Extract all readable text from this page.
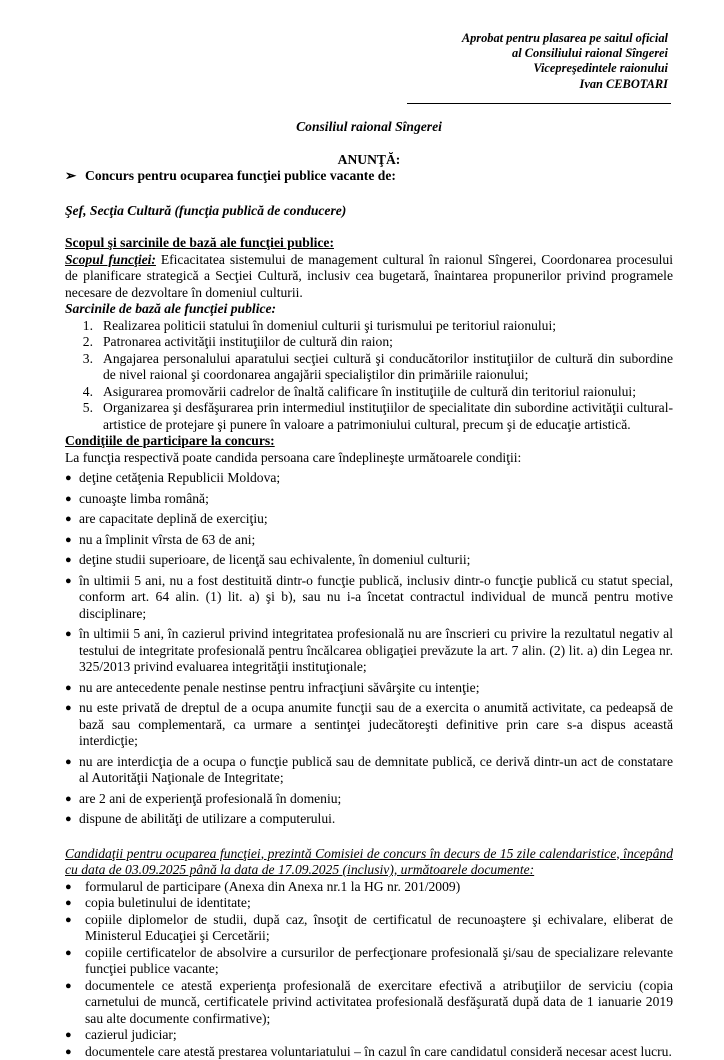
Aprobat pentru plasarea pe saitul oficial
al Consiliului raional Sîngerei
Vicepreşedintele raionului
Ivan CEBOTARI

Consiliul raional Sîngerei

ANUNŢĂ:

➢ Concurs pentru ocuparea funcţiei publice vacante de:

Şef, Secţia Cultură (funcţia publică de conducere)

Scopul şi sarcinile de bază ale funcţiei publice:

Scopul funcţiei: Eficacitatea sistemului de management cultural în raionul Sîngerei, Coordonarea procesului de planificare strategică a Secţiei Cultură, inclusiv cea bugetară, înaintarea propunerilor privind programele necesare de dezvoltare în domeniul culturii.

Sarcinile de bază ale funcţiei publice:

1. Realizarea politicii statului în domeniul culturii şi turismului pe teritoriul raionului;
2. Patronarea activităţii instituţiilor de cultură din raion;
3. Angajarea personalului aparatului secţiei cultură şi conducătorilor instituţiilor de cultură din subordine de nivel raional şi coordonarea angajării specialiştilor din primăriile raionului;
4. Asigurarea promovării cadrelor de înaltă calificare în instituţiile de cultură din teritoriul raionului;
5. Organizarea şi desfăşurarea prin intermediul instituţiilor de specialitate din subordine activităţii cultural-artistice de protejare şi punere în valoare a patrimoniului cultural, precum şi de educaţie artistică.

Condiţiile de participare la concurs:

La funcţia respectivă poate candida persoana care îndeplineşte următoarele condiţii:

● deţine cetăţenia Republicii Moldova;
● cunoaşte limba română;
● are capacitate deplină de exerciţiu;
● nu a împlinit vîrsta de 63 de ani;
● deţine studii superioare, de licenţă sau echivalente, în domeniul culturii;
● în ultimii 5 ani, nu a fost destituită dintr-o funcţie publică, inclusiv dintr-o funcţie publică cu statut special, conform art. 64 alin. (1) lit. a) şi b), sau nu i-a încetat contractul individual de muncă pentru motive disciplinare;
● în ultimii 5 ani, în cazierul privind integritatea profesională nu are înscrieri cu privire la rezultatul negativ al testului de integritate profesională pentru încălcarea obligaţiei prevăzute la art. 7 alin. (2) lit. a) din Legea nr. 325/2013 privind evaluarea integrităţii instituţionale;
● nu are antecedente penale nestinse pentru infracţiuni săvârşite cu intenţie;
● nu este privată de dreptul de a ocupa anumite funcţii sau de a exercita o anumită activitate, ca pedeapsă de bază sau complementară, ca urmare a sentinţei judecătoreşti definitive prin care s-a dispus această interdicţie;
● nu are interdicţia de a ocupa o funcţie publică sau de demnitate publică, ce derivă dintr-un act de constatare al Autorităţii Naţionale de Integritate;
● are 2 ani de experienţă profesională în domeniu;
● dispune de abilităţi de utilizare a computerului.

Candidaţii pentru ocuparea funcţiei, prezintă Comisiei de concurs în decurs de 15 zile calendaristice, începând cu data de 03.09.2025 până la data de 17.09.2025 (inclusiv), următoarele documente:

● formularul de participare (Anexa din Anexa nr.1 la HG nr. 201/2009)
● copia buletinului de identitate;
● copiile diplomelor de studii, după caz, însoţit de certificatul de recunoaştere şi echivalare, eliberat de Ministerul Educaţiei şi Cercetării;
● copiile certificatelor de absolvire a cursurilor de perfecţionare profesională şi/sau de specializare relevante funcţiei publice vacante;
● documentele ce atestă experienţa profesională de exercitare efectivă a atribuţiilor de serviciu (copia carnetului de muncă, certificatele privind activitatea profesională desfăşurată după data de 1 ianuarie 2019 sau alte documente confirmative);
● cazierul judiciar;
● documentele care atestă prestarea voluntariatului – în cazul în care candidatul consideră necesar acest lucru.
